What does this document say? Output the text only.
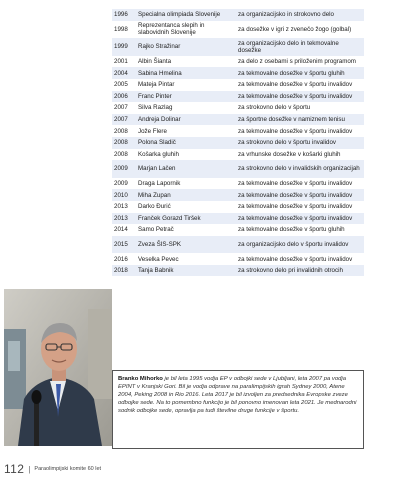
1996	Specialna olimpiada Slovenije	za organizacijsko in strokovno delo
1998	Reprezentanca slepih in slabovidnih Slovenije	za dosežke v igri z zvenečo žogo (golbal)
1999	Rajko Stražinar	za organizacijsko delo in tekmovalne dosežke
2001	Albin Šianta	za delo z osebami s priloženim programom
2004	Sabina Hmelina	za tekmovalne dosežke v športu gluhih
2005	Mateja Pintar	za tekmovalne dosežke v športu invalidov
2006	Franc Pinter	za tekmovalne dosežke v športu invalidov
2007	Silva Razlag	za strokovno delo v športu
2007	Andreja Dolinar	za športne dosežke v namiznem tenisu
2008	Jože Flere	za tekmovalne dosežke v športu invalidov
2008	Polona Sladič	za strokovno delo v športu invalidov
2008	Košarka gluhih	za vrhunske dosežke v košarki gluhih
2009	Marjan Lačen	za strokovno delo v invalidskih organizacijah
2009	Draga Lapornik	za tekmovalne dosežke v športu invalidov
2010	Miha Zupan	za tekmovalne dosežke v športu invalidov
2013	Darko Đurić	za tekmovalne dosežke v športu invalidov
2013	Franček Gorazd Tiršek	za tekmovalne dosežke v športu invalidov
2014	Samo Petrač	za tekmovalne dosežke v športu gluhih
2015	Zveza ŠIS-SPK	za organizacijsko delo v športu invalidov
2016	Veselka Pevec	za tekmovalne dosežke v športu invalidov
2018	Tanja Babnik	za strokovno delo pri invalidnih otrocih
Branko Mihorko je bil leta 1995 vodja EP v odbojki sede v Ljubljani, leta 2007 pa vodja EPINT v Kranjski Gori. Bil je vodja odprave na paralimpijskih igrah Sydney 2000, Atene 2004, Peking 2008 in Rio 2016. Leta 2017 je bil izvoljen za predsednika Evropske zveze odbojke sede. Na to pomembno funkcijo je bil ponovno imenovan leta 2021. Je mednarodni sodnik odbojke sede, opravlja pa tudi številne druge funkcije v športu.
112 | Paraolimpijski komite 60 let
